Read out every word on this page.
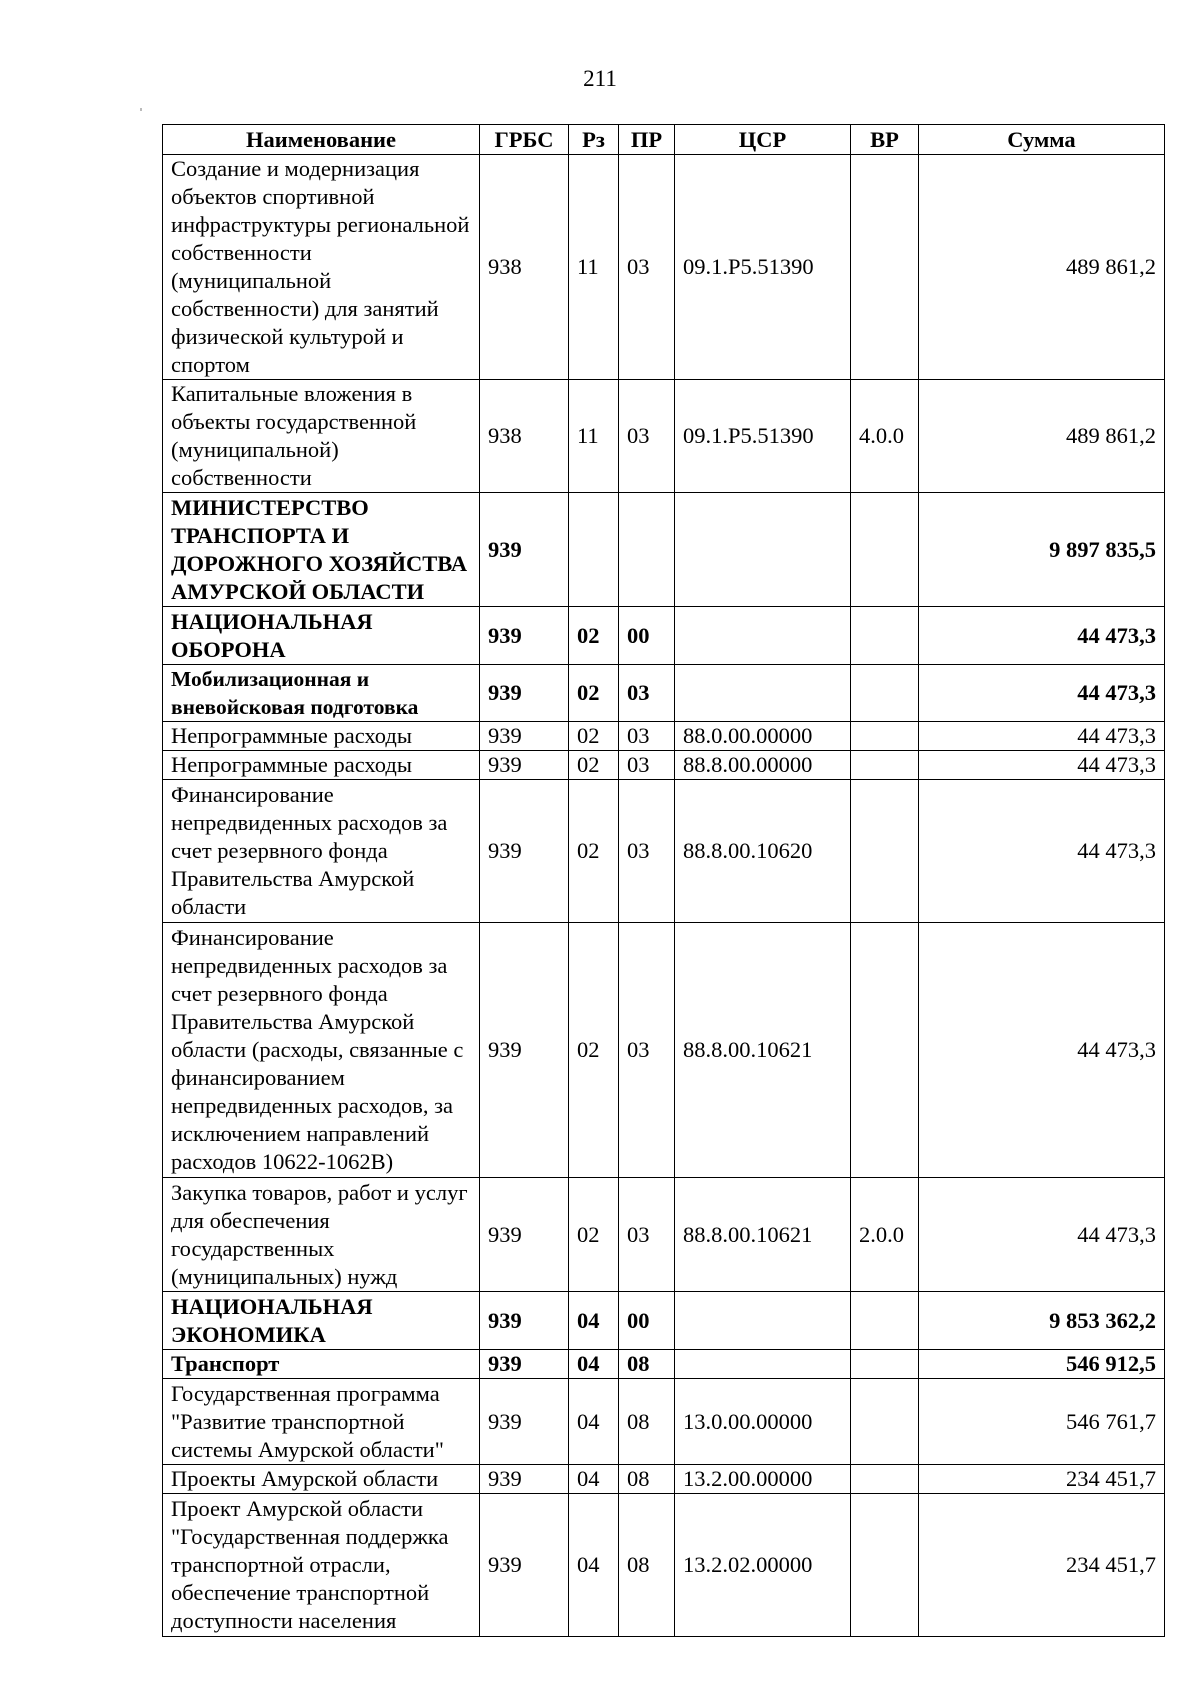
211
Наименование	ГРБС	Рз	ПР	ЦСР	ВР	Сумма
Создание и модернизация объектов спортивной инфраструктуры региональной собственности (муниципальной собственности) для занятий физической культурой и спортом	938	11	03	09.1.P5.51390		489 861,2
Капитальные вложения в объекты государственной (муниципальной) собственности	938	11	03	09.1.P5.51390	4.0.0	489 861,2
МИНИСТЕРСТВО ТРАНСПОРТА И ДОРОЖНОГО ХОЗЯЙСТВА АМУРСКОЙ ОБЛАСТИ	939					9 897 835,5
НАЦИОНАЛЬНАЯ ОБОРОНА	939	02	00			44 473,3
Мобилизационная и вневойсковая подготовка	939	02	03			44 473,3
Непрограммные расходы	939	02	03	88.0.00.00000		44 473,3
Непрограммные расходы	939	02	03	88.8.00.00000		44 473,3
Финансирование непредвиденных расходов за счет резервного фонда Правительства Амурской области	939	02	03	88.8.00.10620		44 473,3
Финансирование непредвиденных расходов за счет резервного фонда Правительства Амурской области (расходы, связанные с финансированием непредвиденных расходов, за исключением направлений расходов 10622-1062В)	939	02	03	88.8.00.10621		44 473,3
Закупка товаров, работ и услуг для обеспечения государственных (муниципальных) нужд	939	02	03	88.8.00.10621	2.0.0	44 473,3
НАЦИОНАЛЬНАЯ ЭКОНОМИКА	939	04	00			9 853 362,2
Транспорт	939	04	08			546 912,5
Государственная программа "Развитие транспортной системы Амурской области"	939	04	08	13.0.00.00000		546 761,7
Проекты Амурской области	939	04	08	13.2.00.00000		234 451,7
Проект Амурской области "Государственная поддержка транспортной отрасли, обеспечение транспортной доступности населения	939	04	08	13.2.02.00000		234 451,7
